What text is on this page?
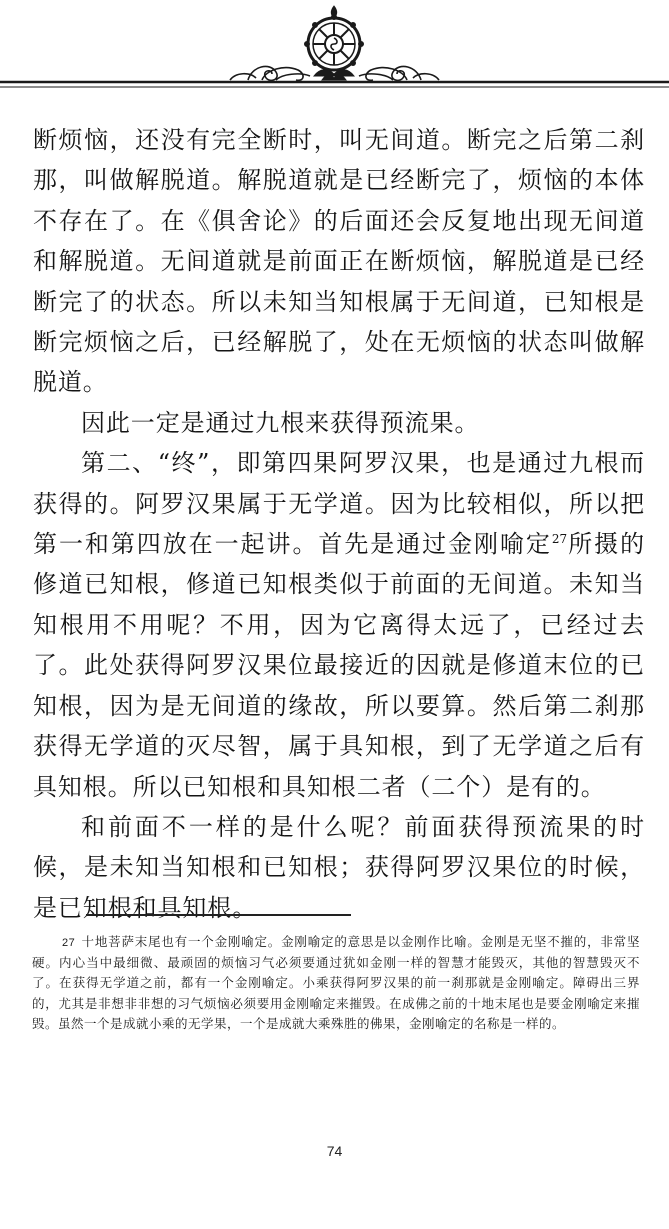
断烦恼，还没有完全断时，叫无间道。断完之后第二刹那，叫做解脱道。解脱道就是已经断完了，烦恼的本体不存在了。在《俱舍论》的后面还会反复地出现无间道和解脱道。无间道就是前面正在断烦恼，解脱道是已经断完了的状态。所以未知当知根属于无间道，已知根是断完烦恼之后，已经解脱了，处在无烦恼的状态叫做解脱道。

因此一定是通过九根来获得预流果。

第二、“终”，即第四果阿罗汉果，也是通过九根而获得的。阿罗汉果属于无学道。因为比较相似，所以把第一和第四放在一起讲。首先是通过金刚喻定$^{27}$所摄的修道已知根，修道已知根类似于前面的无间道。未知当知根用不用呢？不用，因为它离得太远了，已经过去了。此处获得阿罗汉果位最接近的因就是修道末位的已知根，因为是无间道的缘故，所以要算。然后第二刹那获得无学道的灭尽智，属于具知根，到了无学道之后有具知根。所以已知根和具知根二者（二个）是有的。

和前面不一样的是什么呢？前面获得预流果的时候，是未知当知根和已知根；获得阿罗汉果位的时候，是已知根和具知根。

27 十地菩萨末尾也有一个金刚喻定。金刚喻定的意思是以金刚作比喻。金刚是无坚不摧的，非常坚硬。内心当中最细微、最顽固的烦恼习气必须要通过犹如金刚一样的智慧才能毁灭，其他的智慧毁灭不了。在获得无学道之前，都有一个金刚喻定。小乘获得阿罗汉果的前一刹那就是金刚喻定。障碍出三界的，尤其是非想非非想的习气烦恼必须要用金刚喻定来摧毁。在成佛之前的十地末尾也是要金刚喻定来摧毁。虽然一个是成就小乘的无学果，一个是成就大乘殊胜的佛果，金刚喻定的名称是一样的。

74
